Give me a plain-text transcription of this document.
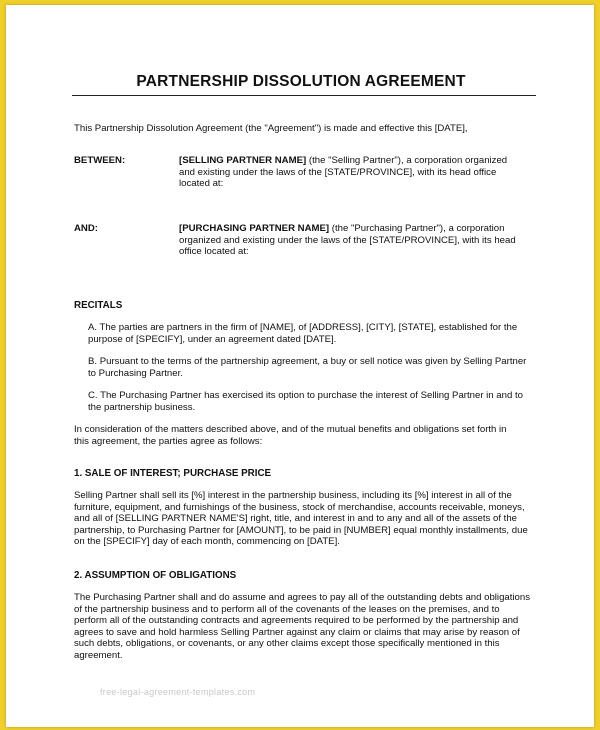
PARTNERSHIP DISSOLUTION AGREEMENT

This Partnership Dissolution Agreement (the "Agreement") is made and effective this [DATE],

BETWEEN:	[SELLING PARTNER NAME] (the "Selling Partner"), a corporation organized and existing under the laws of the [STATE/PROVINCE], with its head office located at:

AND:	[PURCHASING PARTNER NAME] (the "Purchasing Partner"), a corporation organized and existing under the laws of the [STATE/PROVINCE], with its head office located at:

RECITALS

A. The parties are partners in the firm of [NAME], of [ADDRESS], [CITY], [STATE], established for the purpose of [SPECIFY], under an agreement dated [DATE].

B. Pursuant to the terms of the partnership agreement, a buy or sell notice was given by Selling Partner to Purchasing Partner.

C. The Purchasing Partner has exercised its option to purchase the interest of Selling Partner in and to the partnership business.

In consideration of the matters described above, and of the mutual benefits and obligations set forth in this agreement, the parties agree as follows:

1. SALE OF INTEREST; PURCHASE PRICE

Selling Partner shall sell its [%] interest in the partnership business, including its [%] interest in all of the furniture, equipment, and furnishings of the business, stock of merchandise, accounts receivable, moneys, and all of [SELLING PARTNER NAME'S] right, title, and interest in and to any and all of the assets of the partnership, to Purchasing Partner for [AMOUNT], to be paid in [NUMBER] equal monthly installments, due on the [SPECIFY] day of each month, commencing on [DATE].

2. ASSUMPTION OF OBLIGATIONS

The Purchasing Partner shall and do assume and agrees to pay all of the outstanding debts and obligations of the partnership business and to perform all of the covenants of the leases on the premises, and to perform all of the outstanding contracts and agreements required to be performed by the partnership and agrees to save and hold harmless Selling Partner against any claim or claims that may arise by reason of such debts, obligations, or covenants, or any other claims except those specifically mentioned in this agreement.

free-legal-agreement-templates.com
